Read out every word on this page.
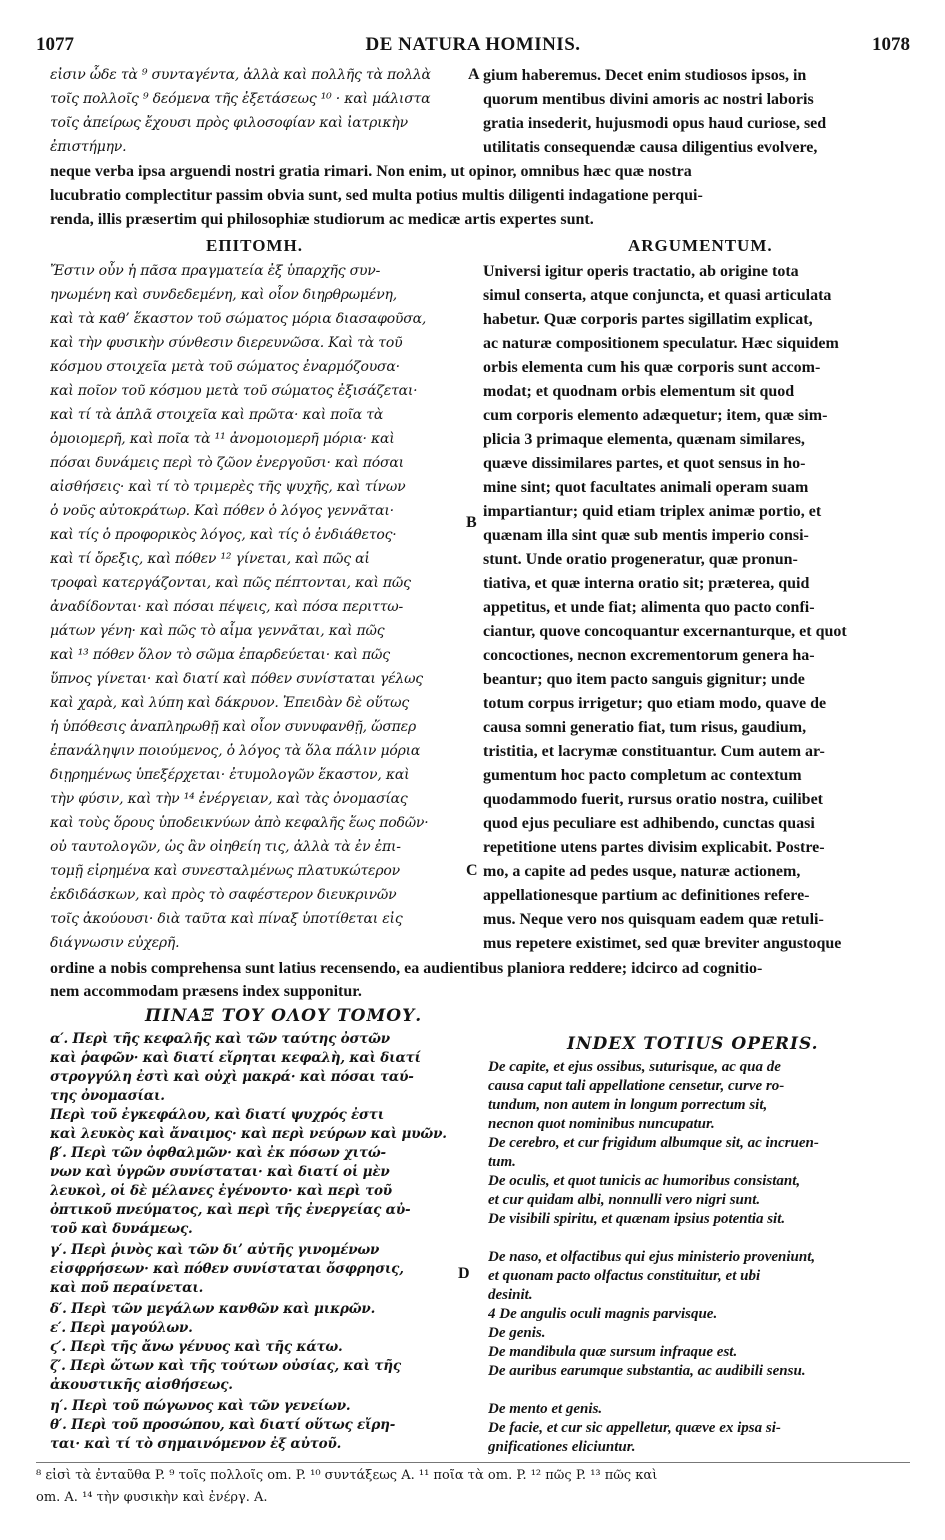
1077	DE NATURA HOMINIS.	1078
εἰσιν ὧδε τὰ ⁹ συνταγέντα, ἀλλὰ καὶ πολλῆς τὰ πολλὰ
τοῖς πολλοῖς ⁹ δεόμενα τῆς ἐξετάσεως ¹⁰ · καὶ μάλιστα
τοῖς ἀπείρως ἔχουσι πρὸς φιλοσοφίαν καὶ ἰατρικὴν
ἐπιστήμην.
A gium haberemus. Decet enim studiosos ipsos, in
quorum mentibus divini amoris ac nostri laboris
gratia insederit, hujusmodi opus haud curiose, sed
utilitatis consequendæ causa diligentius evolvere,
neque verba ipsa arguendi nostri gratia rimari. Non enim, ut opinor, omnibus hæc quæ nostra
lucubratio complectitur passim obvia sunt, sed multa potius multis diligenti indagatione perqui-
renda, illis præsertim qui philosophiæ studiorum ac medicæ artis expertes sunt.
ΕΠΙΤΟΜΗ.	ARGUMENTUM.
Ἔστιν οὖν ἡ πᾶσα πραγματεία ἐξ ὑπαρχῆς συν-
ηνωμένη καὶ συνδεδεμένη, καὶ οἷον διηρθρωμένη,
καὶ τὰ καθ’ ἕκαστον τοῦ σώματος μόρια διασαφοῦσα,
καὶ τὴν φυσικὴν σύνθεσιν διερευνῶσα. Καὶ τὰ τοῦ
κόσμου στοιχεῖα μετὰ τοῦ σώματος ἐναρμόζουσα·
καὶ ποῖον τοῦ κόσμου μετὰ τοῦ σώματος ἐξισάζεται·
καὶ τί τὰ ἁπλᾶ στοιχεῖα καὶ πρῶτα· καὶ ποῖα τὰ
ὁμοιομερῆ, καὶ ποῖα τὰ ¹¹ ἀνομοιομερῆ μόρια· καὶ
πόσαι δυνάμεις περὶ τὸ ζῶον ἐνεργοῦσι· καὶ πόσαι
αἰσθήσεις· καὶ τί τὸ τριμερὲς τῆς ψυχῆς, καὶ τίνων
ὁ νοῦς αὐτοκράτωρ. Καὶ πόθεν ὁ λόγος γεννᾶται·
καὶ τίς ὁ προφορικὸς λόγος, καὶ τίς ὁ ἐνδιάθετος·
καὶ τί ὄρεξις, καὶ πόθεν ¹² γίνεται, καὶ πῶς αἱ
τροφαὶ κατεργάζονται, καὶ πῶς πέπτονται, καὶ πῶς
ἀναδίδονται· καὶ πόσαι πέψεις, καὶ πόσα περιττω-
μάτων γένη· καὶ πῶς τὸ αἷμα γεννᾶται, καὶ πῶς
καὶ ¹³ πόθεν ὅλον τὸ σῶμα ἐπαρδεύεται· καὶ πῶς
ὕπνος γίνεται· καὶ διατί καὶ πόθεν συνίσταται γέλως
καὶ χαρὰ, καὶ λύπη καὶ δάκρυον. Ἐπειδὰν δὲ οὕτως
ἡ ὑπόθεσις ἀναπληρωθῇ καὶ οἷον συνυφανθῇ, ὥσπερ
ἐπανάληψιν ποιούμενος, ὁ λόγος τὰ ὅλα πάλιν μόρια
διῃρημένως ὑπεξέρχεται· ἐτυμολογῶν ἕκαστον, καὶ
τὴν φύσιν, καὶ τὴν ¹⁴ ἐνέργειαν, καὶ τὰς ὀνομασίας
καὶ τοὺς ὅρους ὑποδεικνύων ἀπὸ κεφαλῆς ἕως ποδῶν·
οὐ ταυτολογῶν, ὡς ἂν οἰηθείη τις, ἀλλὰ τὰ ἐν ἐπι-
τομῇ εἰρημένα καὶ συνεσταλμένως πλατυκώτερον
ἐκδιδάσκων, καὶ πρὸς τὸ σαφέστερον διευκρινῶν
τοῖς ἀκούουσι· διὰ ταῦτα καὶ πίναξ ὑποτίθεται εἰς
διάγνωσιν εὐχερῆ.
B
C
Universi igitur operis tractatio, ab origine tota
simul conserta, atque conjuncta, et quasi articulata
habetur. Quæ corporis partes sigillatim explicat,
ac naturæ compositionem speculatur. Hæc siquidem
orbis elementa cum his quæ corporis sunt accom-
modat; et quodnam orbis elementum sit quod
cum corporis elemento adæquetur; item, quæ sim-
plicia 3 primaque elementa, quænam similares,
quæve dissimilares partes, et quot sensus in ho-
mine sint; quot facultates animali operam suam
impartiantur; quid etiam triplex animæ portio, et
quænam illa sint quæ sub mentis imperio consi-
stunt. Unde oratio progeneratur, quæ pronun-
tiativa, et quæ interna oratio sit; præterea, quid
appetitus, et unde fiat; alimenta quo pacto confi-
ciantur, quove concoquantur excernanturque, et quot
concoctiones, necnon excrementorum genera ha-
beantur; quo item pacto sanguis gignitur; unde
totum corpus irrigetur; quo etiam modo, quave de
causa somni generatio fiat, tum risus, gaudium,
tristitia, et lacrymæ constituantur. Cum autem ar-
gumentum hoc pacto completum ac contextum
quodammodo fuerit, rursus oratio nostra, cuilibet
quod ejus peculiare est adhibendo, cunctas quasi
repetitione utens partes divisim explicabit. Postre-
mo, a capite ad pedes usque, naturæ actionem,
appellationesque partium ac definitiones refere-
mus. Neque vero nos quisquam eadem quæ retuli-
mus repetere existimet, sed quæ breviter angustoque
ordine a nobis comprehensa sunt latius recensendo, ea audientibus planiora reddere; idcirco ad cognitio-
nem accommodam præsens index supponitur.
ΠΙΝΑΞ ΤΟΥ ΟΛΟΥ ΤΟΜΟΥ.
INDEX TOTIUS OPERIS.
α′. Περὶ τῆς κεφαλῆς καὶ τῶν ταύτης ὀστῶν
καὶ ῥαφῶν· καὶ διατί εἴρηται κεφαλὴ, καὶ διατί
στρογγύλη ἐστὶ καὶ οὐχὶ μακρά· καὶ πόσαι ταύ-
της ὀνομασίαι.
Περὶ τοῦ ἐγκεφάλου, καὶ διατί ψυχρός ἐστι
καὶ λευκὸς καὶ ἄναιμος· καὶ περὶ νεύρων καὶ μυῶν.
β′. Περὶ τῶν ὀφθαλμῶν· καὶ ἐκ πόσων χιτώ-
νων καὶ ὑγρῶν συνίσταται· καὶ διατί οἱ μὲν
λευκοὶ, οἱ δὲ μέλανες ἐγένοντο· καὶ περὶ τοῦ
ὀπτικοῦ πνεύματος, καὶ περὶ τῆς ἐνεργείας αὐ-
τοῦ καὶ δυνάμεως.
γ′. Περὶ ῥινὸς καὶ τῶν δι’ αὐτῆς γινομένων
εἰσφρήσεων· καὶ πόθεν συνίσταται ὄσφρησις,
καὶ ποῦ περαίνεται.
δ′. Περὶ τῶν μεγάλων κανθῶν καὶ μικρῶν.
ε′. Περὶ μαγούλων.
ϛ′. Περὶ τῆς ἄνω γένυος καὶ τῆς κάτω.
ζ′. Περὶ ὤτων καὶ τῆς τούτων οὐσίας, καὶ τῆς
ἀκουστικῆς αἰσθήσεως.
η′. Περὶ τοῦ πώγωνος καὶ τῶν γενείων.
θ′. Περὶ τοῦ προσώπου, καὶ διατί οὕτως εἴρη-
ται· καὶ τί τὸ σημαινόμενον ἐξ αὐτοῦ.
D
De capite, et ejus ossibus, suturisque, ac qua de
causa caput tali appellatione censetur, curve ro-
tundum, non autem in longum porrectum sit,
necnon quot nominibus nuncupatur.
De cerebro, et cur frigidum albumque sit, ac incruen-
tum.
De oculis, et quot tunicis ac humoribus consistant,
et cur quidam albi, nonnulli vero nigri sunt.
De visibili spiritu, et quænam ipsius potentia sit.
De naso, et olfactibus qui ejus ministerio proveniunt,
et quonam pacto olfactus constituitur, et ubi
desinit.
4 De angulis oculi magnis parvisque.
De genis.
De mandibula quæ sursum infraque est.
De auribus earumque substantia, ac audibili sensu.
De mento et genis.
De facie, et cur sic appelletur, quæve ex ipsa si-
gnificationes eliciuntur.
⁸ εἰσὶ τὰ ἐνταῦθα P. ⁹ τοῖς πολλοῖς om. P. ¹⁰ συντάξεως A. ¹¹ ποῖα τὰ om. P. ¹² πῶς P. ¹³ πῶς καὶ
om. A. ¹⁴ τὴν φυσικὴν καὶ ἐνέργ. A.
